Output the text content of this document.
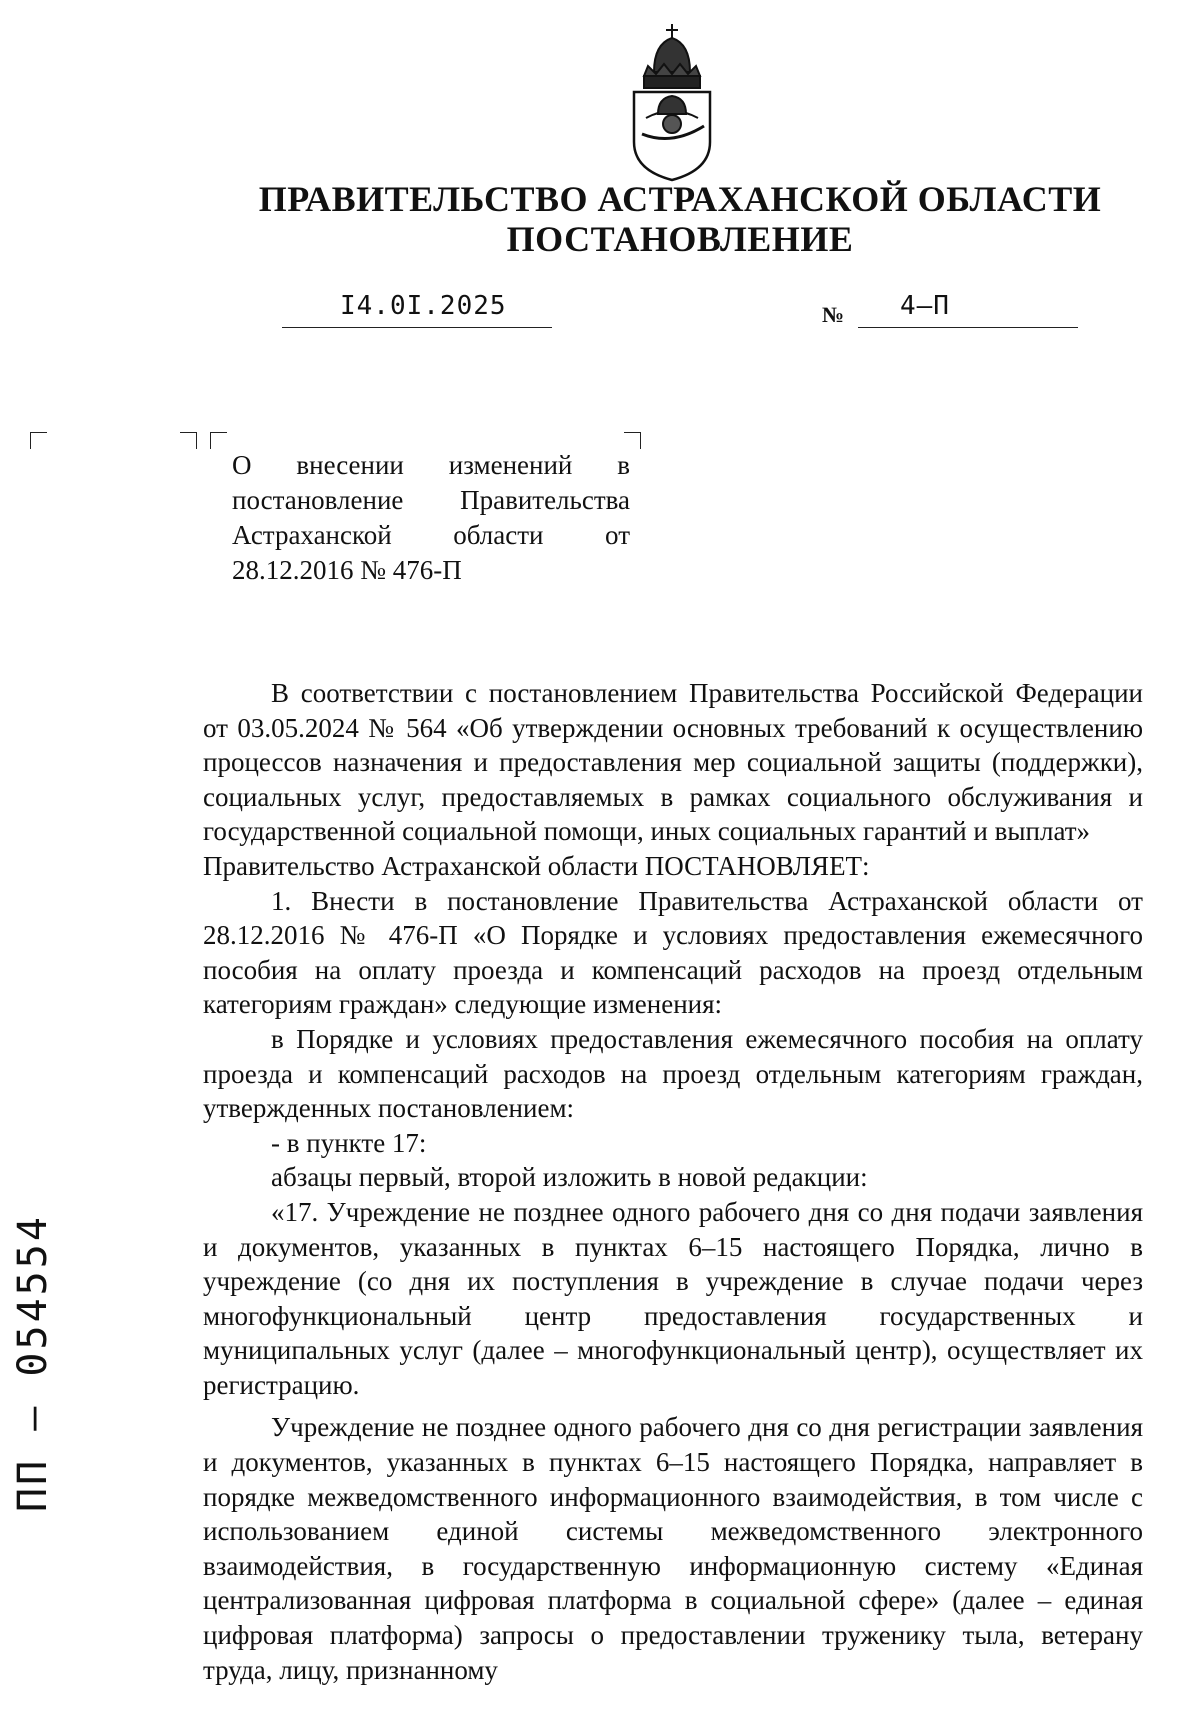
ПРАВИТЕЛЬСТВО АСТРАХАНСКОЙ ОБЛАСТИ
ПОСТАНОВЛЕНИЕ
I4.0I.2025	№ 4–П
О внесении изменений в постановление Правительства Астраханской области от 28.12.2016 № 476-П

В соответствии с постановлением Правительства Российской Федерации от 03.05.2024 № 564 «Об утверждении основных требований к осуществлению процессов назначения и предоставления мер социальной защиты (поддержки), социальных услуг, предоставляемых в рамках социального обслуживания и государственной социальной помощи, иных социальных гарантий и выплат»

Правительство Астраханской области ПОСТАНОВЛЯЕТ:

1. Внести в постановление Правительства Астраханской области от 28.12.2016 № 476-П «О Порядке и условиях предоставления ежемесячного пособия на оплату проезда и компенсаций расходов на проезд отдельным категориям граждан» следующие изменения:

в Порядке и условиях предоставления ежемесячного пособия на оплату проезда и компенсаций расходов на проезд отдельным категориям граждан, утвержденных постановлением:

- в пункте 17:

абзацы первый, второй изложить в новой редакции:

«17. Учреждение не позднее одного рабочего дня со дня подачи заявления и документов, указанных в пунктах 6–15 настоящего Порядка, лично в учреждение (со дня их поступления в учреждение в случае подачи через многофункциональный центр предоставления государственных и муниципальных услуг (далее – многофункциональный центр), осуществляет их регистрацию.

Учреждение не позднее одного рабочего дня со дня регистрации заявления и документов, указанных в пунктах 6–15 настоящего Порядка, направляет в порядке межведомственного информационного взаимодействия, в том числе с использованием единой системы межведомственного электронного взаимодействия, в государственную информационную систему «Единая централизованная цифровая платформа в социальной сфере» (далее – единая цифровая платформа) запросы о предоставлении труженику тыла, ветерану труда, лицу, признанному

ПП – 054554
